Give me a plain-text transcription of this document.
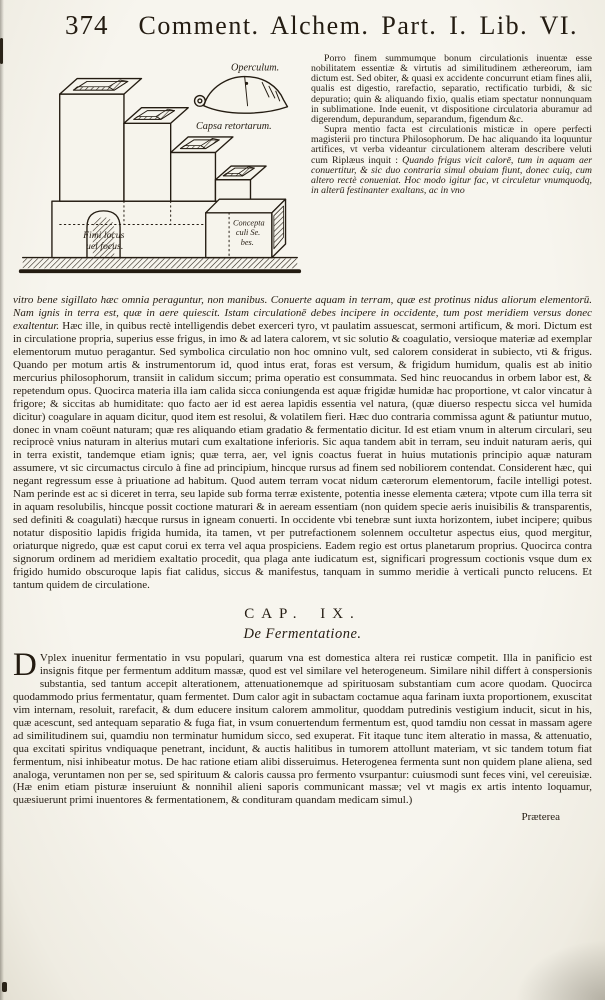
374 Comment. Alchem. Part. I. Lib. VI.
Operculum.
Capsa retortarum.
Fimi locus
uel focus.
Concepta
culi Se.
bes.

Porro finem summumque bonum circulationis inuentæ esse nobilitatem essentiæ & virtutis ad similitudinem æthereorum, iam dictum est. Sed obiter, & quasi ex accidente concurrunt etiam fines alii, qualis est digestio, rarefactio, separatio, rectificatio turbidi, & sic depuratio; quin & aliquando fixio, qualis etiam spectatur nonnunquam in sublimatione. Inde euenit, vt dispositione circulatoria aburamur ad digerendum, depurandum, separandum, figendum &c.

Supra mentio facta est circulationis misticæ in opere perfecti magisterii pro tinctura Philosophorum. De hac aliquando ita loquuntur artifices, vt verba videantur circulationem alteram describere veluti cum Riplæus inquit : Quando frigus vicit calorē, tum in aquam aer conuertitur, & sic duo contraria simul obuiam fiunt, donec cuiq, cum altero rectè conueniat. Hoc modo igitur fac, vt circuletur vnumquodq, in alterū festinanter exaltans, ac in vno

vitro bene sigillato hæc omnia peraguntur, non manibus. Conuerte aquam in terram, quæ est protinus nidus aliorum elementorū. Nam ignis in terra est, quæ in aere quiescit. Istam circulationē debes incipere in occidente, tum post meridiem versus donec exaltentur. Hæc ille, in quibus rectè intelligendis debet exerceri tyro, vt paulatim assuescat, sermoni artificum, & mori. Dictum est in circulatione propria, superius esse frigus, in imo & ad latera calorem, vt sic solutio & coagulatio, versioque materiæ ad exemplar elementorum mutuo peragantur. Sed symbolica circulatio non hoc omnino vult, sed calorem considerat in subiecto, vti & frigus. Quando per motum artis & instrumentorum id, quod intus erat, foras est versum, & frigidum humidum, qualis est ab initio mercurius philosophorum, transiit in calidum siccum; prima operatio est consummata. Sed hinc reuocandus in orbem labor est, & repetendum opus. Quocirca materia illa iam calida sicca coniungenda est aquæ frigidæ humidæ hac proportione, vt calor vincatur à frigore; & siccitas ab humiditate: quo facto aer id est aerea lapidis essentia vel natura, (quæ diuerso respectu sicca vel humida dicitur) coagulare in aquam dicitur, quod item est resolui, & volatilem fieri. Hæc duo contraria commissa agunt & patiuntur mutuo, donec in vnam coëunt naturam; quæ res aliquando etiam gradatio & fermentatio dicitur. Id est etiam vnum in alterum circulari, seu reciprocè vnius naturam in alterius mutari cum exaltatione inferioris. Sic aqua tandem abit in terram, seu induit naturam aeris, qui in terra existit, tandemque etiam ignis; quæ terra, aer, vel ignis coactus fuerat in huius mutationis principio aquæ naturam assumere, vt sic circumactus circulo à fine ad principium, hincque rursus ad finem sed nobiliorem contendat. Considerent hæc, qui negant regressum esse à priuatione ad habitum. Quod autem terram vocat nidum cæterorum elementorum, facile intelligi potest. Nam perinde est ac si diceret in terra, seu lapide sub forma terræ existente, potentia inesse elementa cætera; vtpote cum illa terra sit in aquam resolubilis, hincque possit coctione maturari & in aeream essentiam (non quidem specie aeris inuisibilis & transparentis, sed definiti & coagulati) hæcque rursus in igneam conuerti. In occidente vbi tenebræ sunt iuxta horizontem, iubet incipere; quibus notatur dispositio lapidis frigida humida, ita tamen, vt per putrefactionem solennem occultetur aspectus eius, quod mergitur, oriaturque nigredo, quæ est caput corui ex terra vel aqua prospiciens. Eadem regio est ortus planetarum proprius. Quocirca contra signorum ordinem ad meridiem exaltatio procedit, qua plaga ante iudicatum est, significari progressum coctionis vsque dum ex frigido humido obscuroque lapis fiat calidus, siccus & manifestus, tanquam in summo meridie à verticali puncto relucens. Et tantum quidem de circulatione.
CAP. IX.
De Fermentatione.
D Vplex inuenitur fermentatio in vsu populari, quarum vna est domestica altera rei rusticæ competit. Illa in panificio est insignis fitque per fermentum additum massæ, quod est vel similare vel heterogeneum. Similare nihil differt à conspersionis substantia, sed tantum accepit alterationem, attenuationemque ad spirituosam substantiam cum acore quodam. Quocirca quodammodo prius fermentatur, quam fermentet. Dum calor agit in subactam coctamue aqua farinam iuxta proportionem, exuscitat vim internam, resoluit, rarefacit, & dum educere insitum calorem ammolitur, quoddam putredinis vestigium inducit, sicut in his, quæ acescunt, sed antequam separatio & fuga fiat, in vsum conuertendum fermentum est, quod tamdiu non cessat in massam agere ad similitudinem sui, quamdiu non terminatur humidum sicco, sed exuperat. Fit itaque tunc item alteratio in massa, & attenuatio, qua excitati spiritus vndiquaque penetrant, incidunt, & auctis halitibus in tumorem attollunt materiam, vt sic tandem totum fiat fermentum, nisi inhibeatur motus. De hac ratione etiam alibi disseruimus. Heterogenea fermenta sunt non quidem plane aliena, sed analoga, veruntamen non per se, sed spirituum & caloris caussa pro fermento vsurpantur: cuiusmodi sunt feces vini, vel cereuisiæ. (Hæ enim etiam pisturæ inseruiunt & nonnihil alieni saporis communicant massæ; vel vt magis ex artis intento loquamur, quæsiuerunt primi inuentores & fermentationem, & condituram quandam medicam simul.)
Præterea
